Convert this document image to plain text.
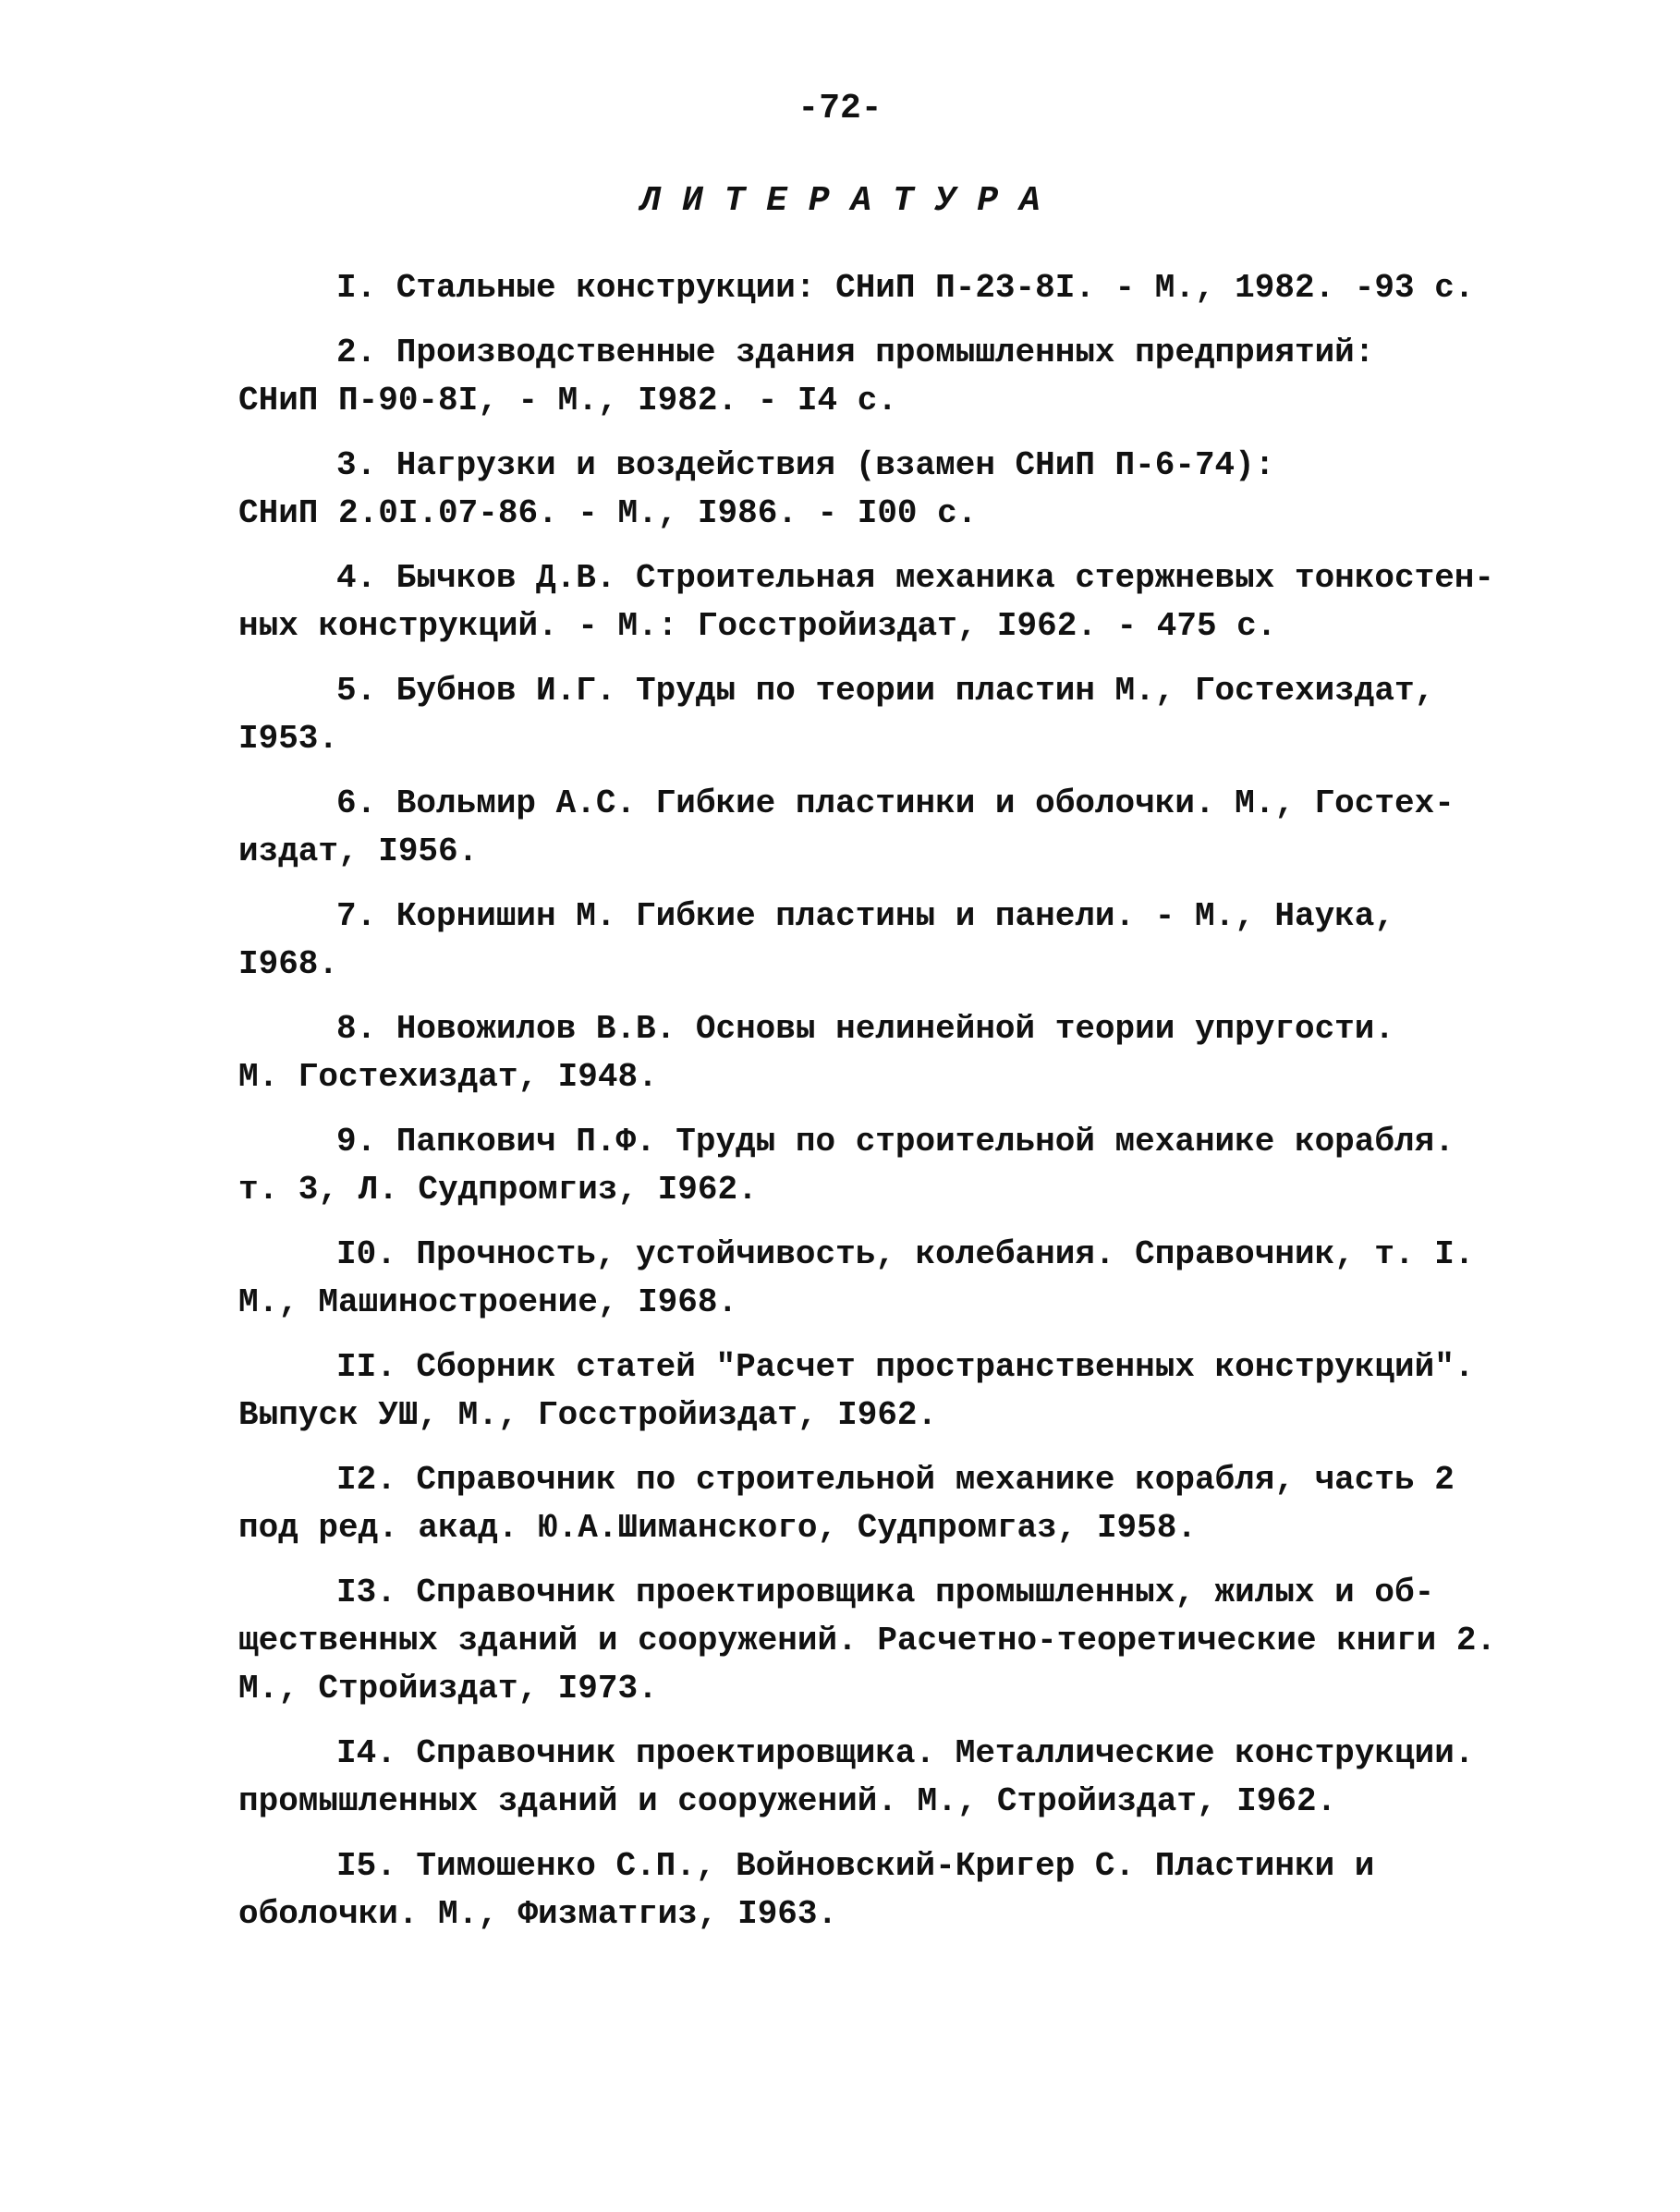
-72-
Л И Т Е Р А Т У Р А
I. Стальные конструкции: СНиП П-23-8I. - М., 1982. -93 с.
2. Производственные здания промышленных предприятий:
СНиП П-90-8I, - М., I982. - I4 с.
3. Нагрузки и воздействия (взамен СНиП П-6-74):
СНиП 2.0I.07-86. - М., I986. - I00 с.
4. Бычков Д.В. Строительная механика стержневых тонкостен-
ных конструкций. - М.: Госстройиздат, I962. - 475 с.
5. Бубнов И.Г. Труды по теории пластин М., Гостехиздат,
I953.
6. Вольмир А.С. Гибкие пластинки и оболочки. М., Гостех-
издат, I956.
7. Корнишин М. Гибкие пластины и панели. - М., Наука,
I968.
8. Новожилов В.В. Основы нелинейной теории упругости.
М. Гостехиздат, I948.
9. Папкович П.Ф. Труды по строительной механике корабля.
т. 3, Л. Судпромгиз, I962.
I0. Прочность, устойчивость, колебания. Справочник, т. I.
М., Машиностроение, I968.
II. Сборник статей "Расчет пространственных конструкций".
Выпуск УШ, М., Госстройиздат, I962.
I2. Справочник по строительной механике корабля, часть 2
под ред. акад. Ю.А.Шиманского, Судпромгаз, I958.
I3. Справочник проектировщика промышленных, жилых и об-
щественных зданий и сооружений. Расчетно-теоретические книги 2.
М., Стройиздат, I973.
I4. Справочник проектировщика. Металлические конструкции.
промышленных зданий и сооружений. М., Стройиздат, I962.
I5. Тимошенко С.П., Войновский-Кригер С. Пластинки и
оболочки. М., Физматгиз, I963.
